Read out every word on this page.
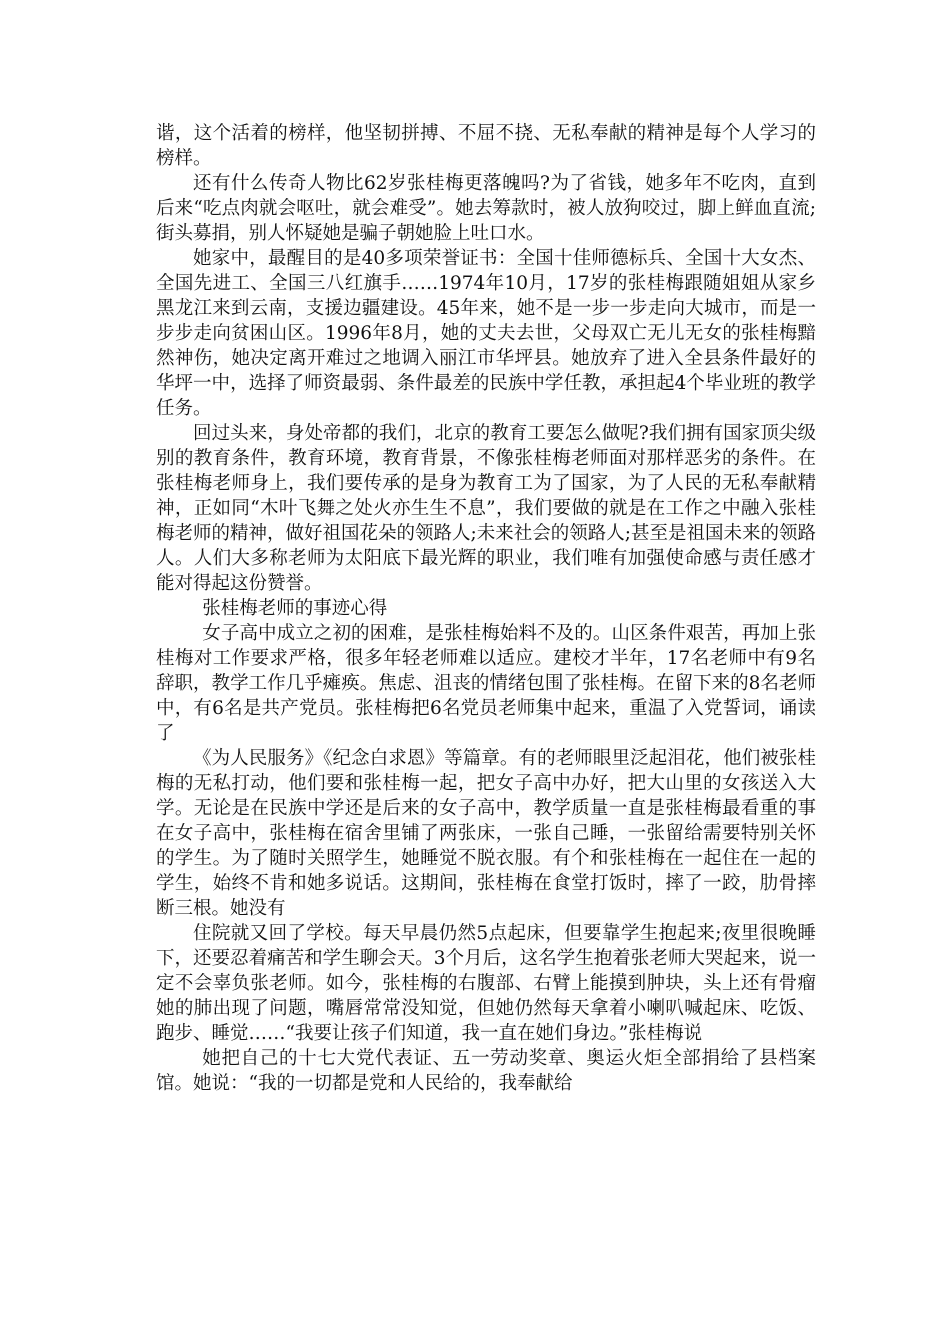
谐，这个活着的榜样，他坚韧拼搏、不屈不挠、无私奉献的精神是每个人学习的榜样。

还有什么传奇人物比62岁张桂梅更落魄吗?为了省钱，她多年不吃肉，直到后来“吃点肉就会呕吐，就会难受”。她去筹款时，被人放狗咬过，脚上鲜血直流;街头募捐，别人怀疑她是骗子朝她脸上吐口水。

她家中，最醒目的是40多项荣誉证书：全国十佳师德标兵、全国十大女杰、全国先进工、全国三八红旗手……1974年10月，17岁的张桂梅跟随姐姐从家乡黑龙江来到云南，支援边疆建设。45年来，她不是一步一步走向大城市，而是一步步走向贫困山区。1996年8月，她的丈夫去世，父母双亡无儿无女的张桂梅黯然神伤，她决定离开难过之地调入丽江市华坪县。她放弃了进入全县条件最好的华坪一中，选择了师资最弱、条件最差的民族中学任教，承担起4个毕业班的教学任务。

回过头来，身处帝都的我们，北京的教育工要怎么做呢?我们拥有国家顶尖级别的教育条件，教育环境，教育背景，不像张桂梅老师面对那样恶劣的条件。在张桂梅老师身上，我们要传承的是身为教育工为了国家，为了人民的无私奉献精神，正如同“木叶飞舞之处火亦生生不息”，我们要做的就是在工作之中融入张桂梅老师的精神，做好祖国花朵的领路人;未来社会的领路人;甚至是祖国未来的领路人。人们大多称老师为太阳底下最光辉的职业，我们唯有加强使命感与责任感才能对得起这份赞誉。

张桂梅老师的事迹心得

女子高中成立之初的困难，是张桂梅始料不及的。山区条件艰苦，再加上张桂梅对工作要求严格，很多年轻老师难以适应。建校才半年，17名老师中有9名辞职，教学工作几乎瘫痪。焦虑、沮丧的情绪包围了张桂梅。在留下来的8名老师中，有6名是共产党员。张桂梅把6名党员老师集中起来，重温了入党誓词，诵读了

《为人民服务》《纪念白求恩》等篇章。有的老师眼里泛起泪花，他们被张桂梅的无私打动，他们要和张桂梅一起，把女子高中办好，把大山里的女孩送入大学。无论是在民族中学还是后来的女子高中，教学质量一直是张桂梅最看重的事在女子高中，张桂梅在宿舍里铺了两张床，一张自己睡，一张留给需要特别关怀的学生。为了随时关照学生，她睡觉不脱衣服。有个和张桂梅在一起住在一起的学生，始终不肯和她多说话。这期间，张桂梅在食堂打饭时，摔了一跤，肋骨摔断三根。她没有

住院就又回了学校。每天早晨仍然5点起床，但要靠学生抱起来;夜里很晚睡下，还要忍着痛苦和学生聊会天。3个月后，这名学生抱着张老师大哭起来，说一定不会辜负张老师。如今，张桂梅的右腹部、右臂上能摸到肿块，头上还有骨瘤她的肺出现了问题，嘴唇常常没知觉，但她仍然每天拿着小喇叭喊起床、吃饭、跑步、睡觉……“我要让孩子们知道，我一直在她们身边。”张桂梅说

她把自己的十七大党代表证、五一劳动奖章、奥运火炬全部捐给了县档案馆。她说：“我的一切都是党和人民给的，我奉献给
